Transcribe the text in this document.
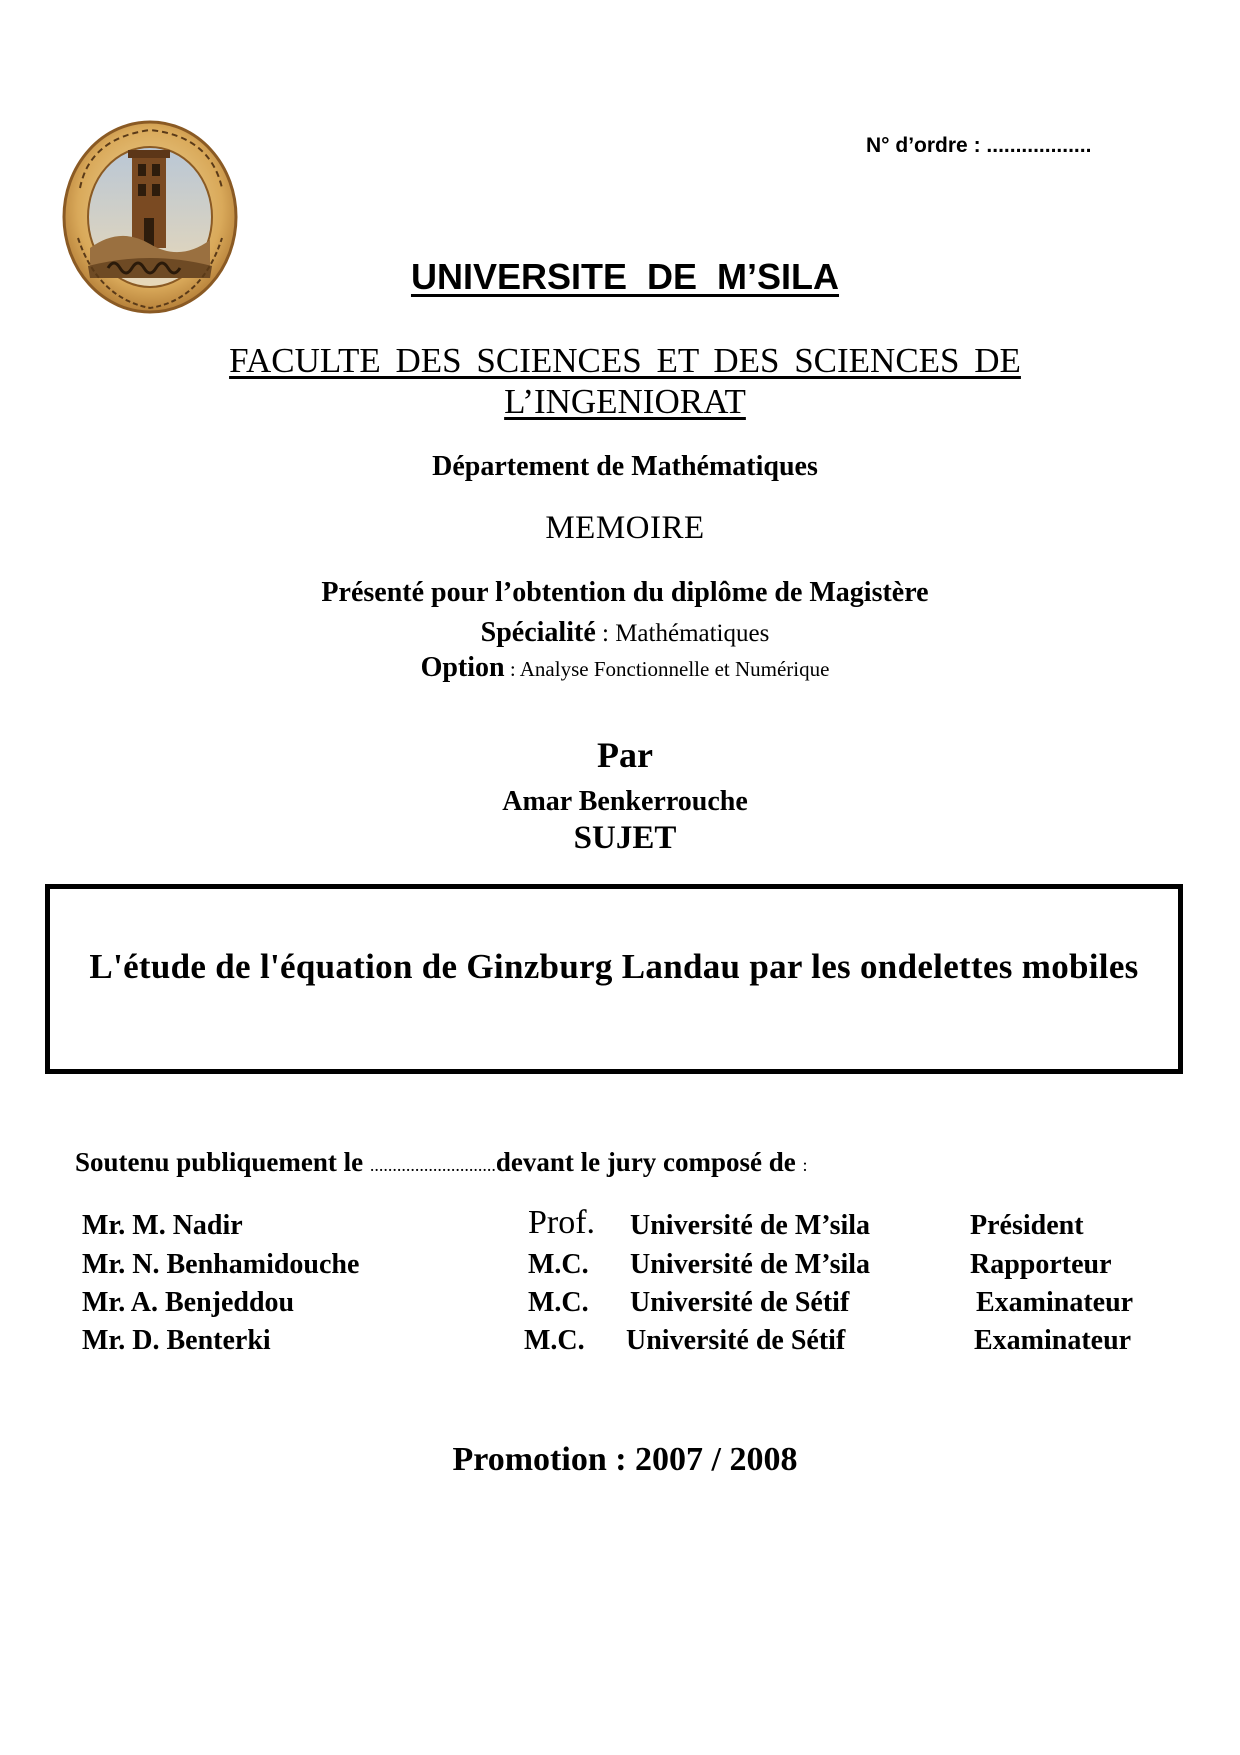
N° d’ordre : ..................
UNIVERSITE DE M’SILA
FACULTE DES SCIENCES ET DES SCIENCES DE
L’INGENIORAT
Département de Mathématiques
MEMOIRE
Présenté pour l’obtention du diplôme de Magistère
Spécialité : Mathématiques
Option : Analyse Fonctionnelle et Numérique
Par
Amar Benkerrouche
SUJET
L'étude de l'équation de Ginzburg Landau par les ondelettes mobiles
Soutenu publiquement le ............................devant le jury composé de :
Mr. M. Nadir	Prof. Université de M’sila	Président
Mr. N. Benhamidouche	M.C. Université de M’sila	Rapporteur
Mr. A. Benjeddou	M.C. Université de Sétif	Examinateur
Mr. D. Benterki	M.C. Université de Sétif	Examinateur
Promotion : 2007 / 2008
